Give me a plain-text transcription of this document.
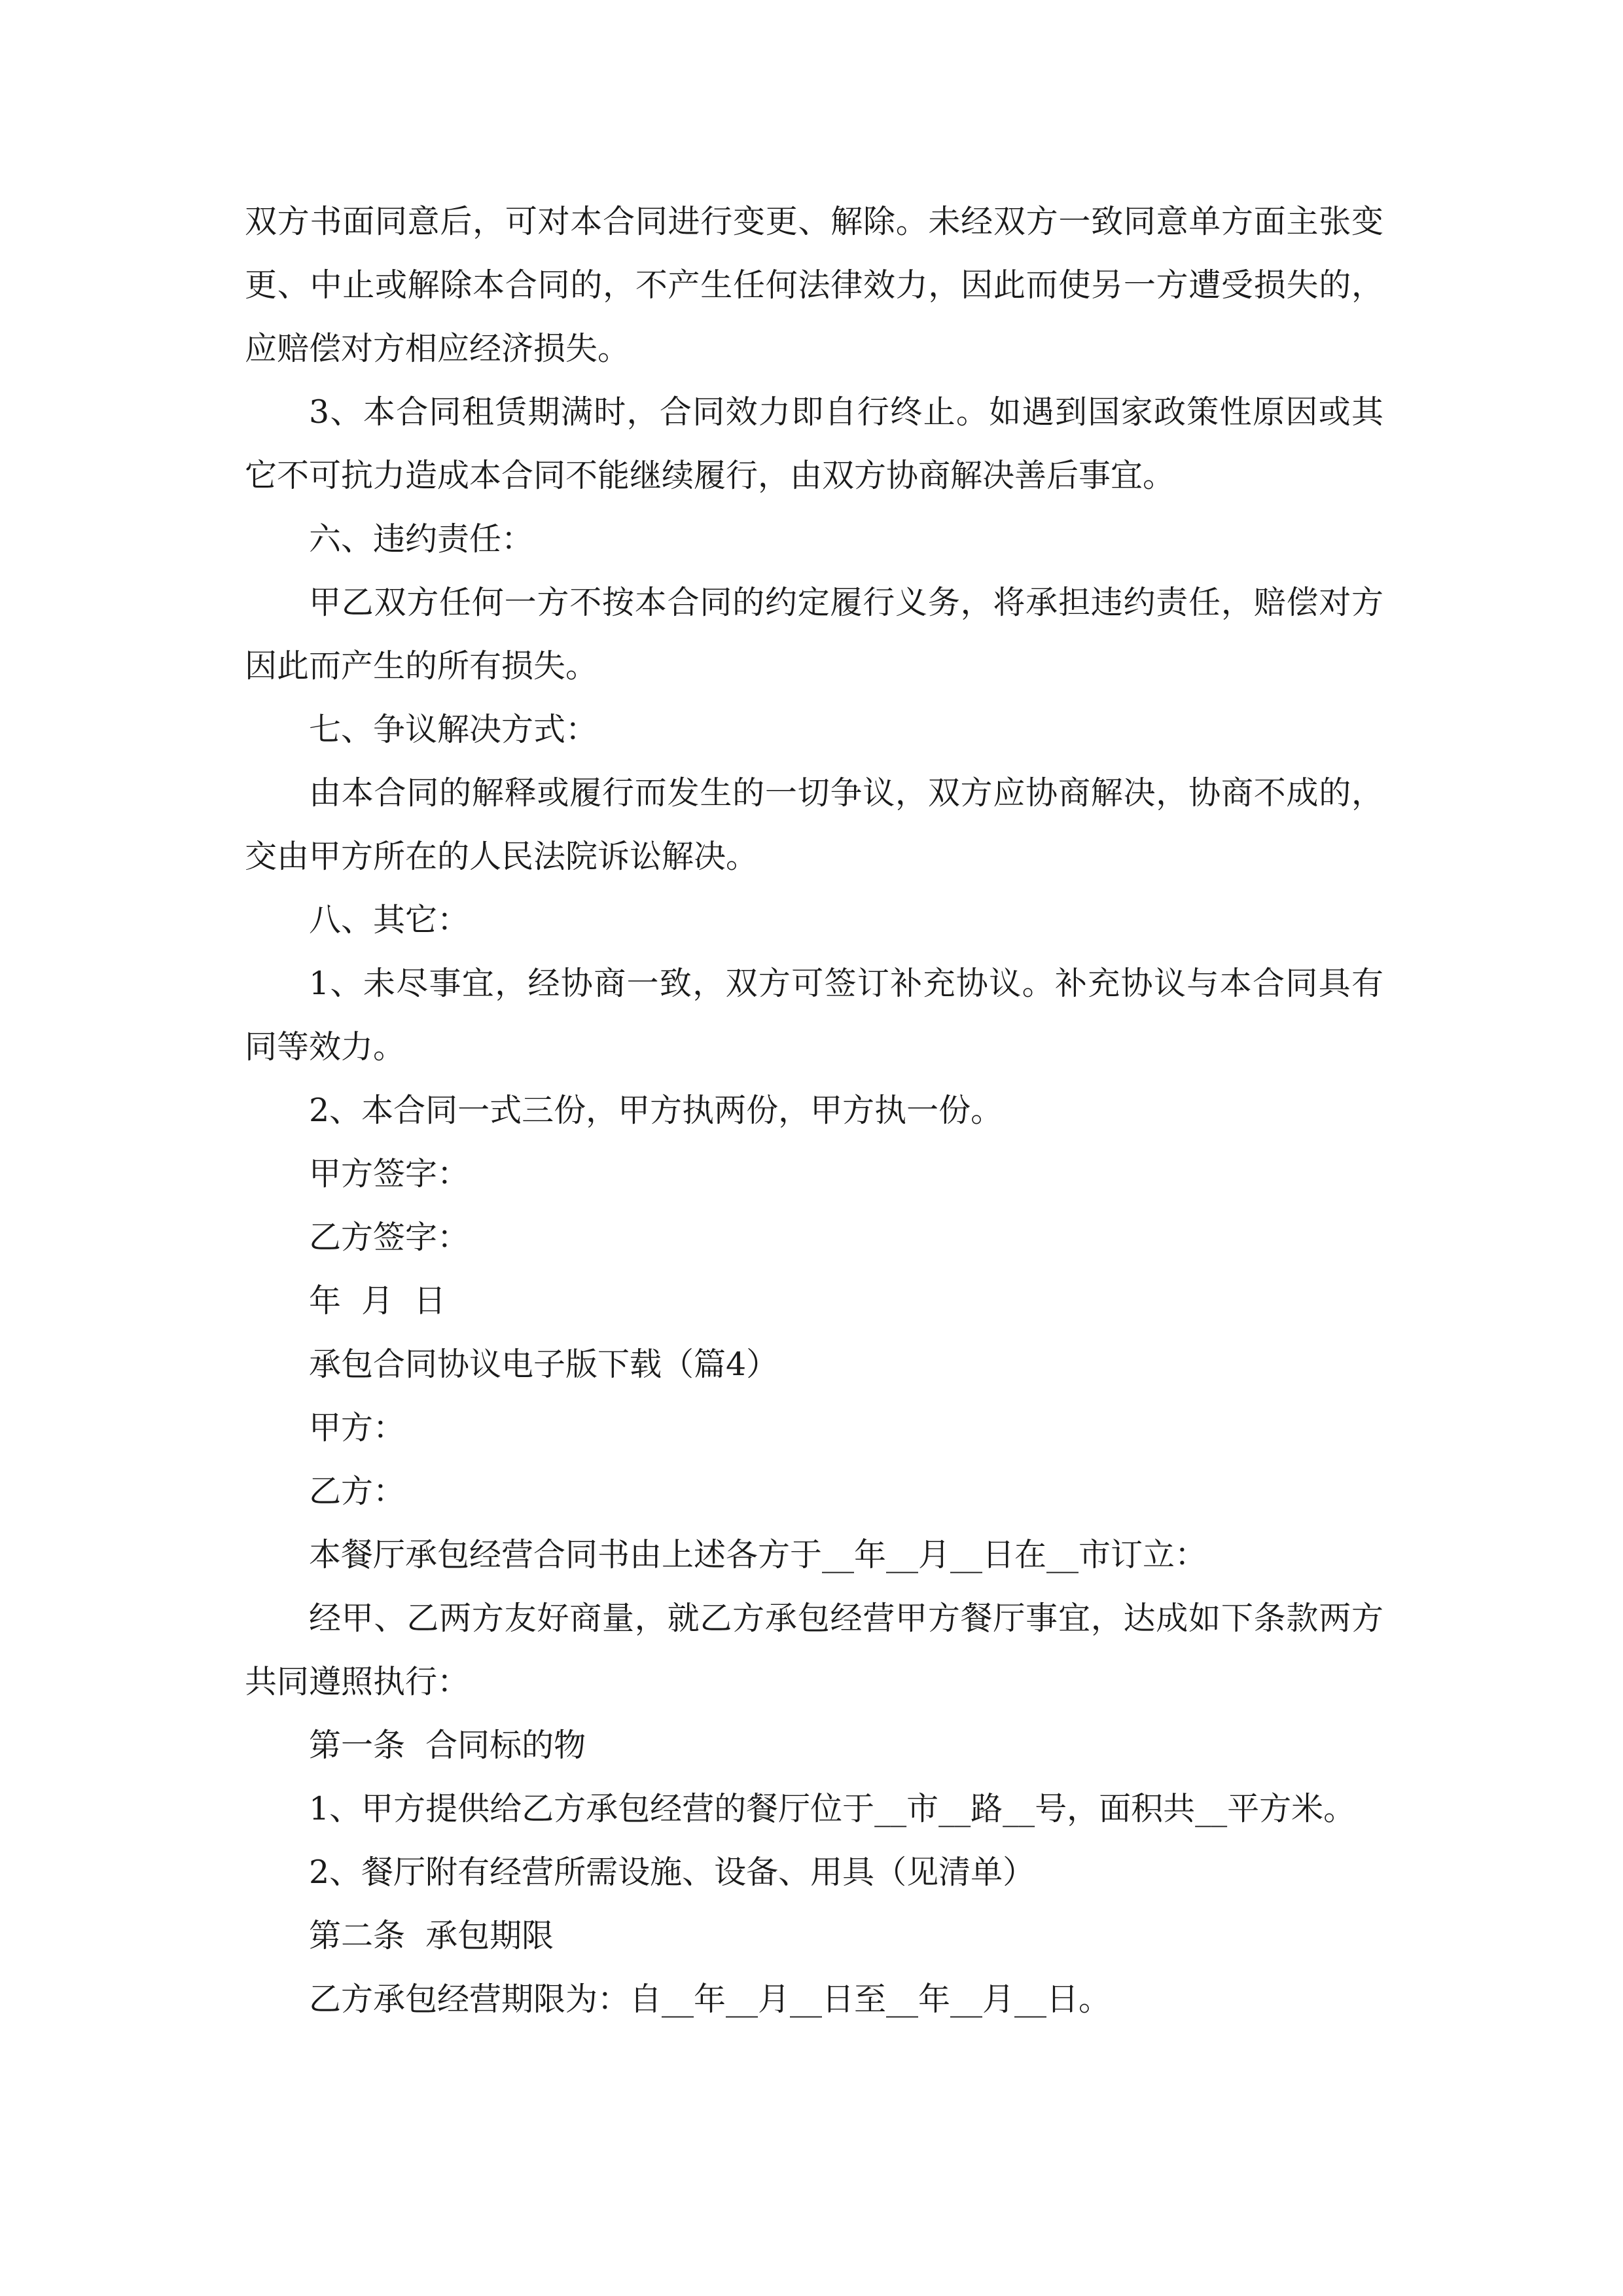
双方书面同意后，可对本合同进行变更、解除。未经双方一致同意单方面主张变更、中止或解除本合同的，不产生任何法律效力，因此而使另一方遭受损失的，应赔偿对方相应经济损失。

3、本合同租赁期满时，合同效力即自行终止。如遇到国家政策性原因或其它不可抗力造成本合同不能继续履行，由双方协商解决善后事宜。

六、违约责任：

甲乙双方任何一方不按本合同的约定履行义务，将承担违约责任，赔偿对方因此而产生的所有损失。

七、争议解决方式：

由本合同的解释或履行而发生的一切争议，双方应协商解决，协商不成的，交由甲方所在的人民法院诉讼解决。

八、其它：

1、未尽事宜，经协商一致，双方可签订补充协议。补充协议与本合同具有同等效力。

2、本合同一式三份，甲方执两份，甲方执一份。

甲方签字：

乙方签字：

年  月  日

承包合同协议电子版下载（篇4）

甲方：

乙方：

本餐厅承包经营合同书由上述各方于__年__月__日在__市订立：

经甲、乙两方友好商量，就乙方承包经营甲方餐厅事宜，达成如下条款两方共同遵照执行：

第一条  合同标的物

1、甲方提供给乙方承包经营的餐厅位于__市__路__号，面积共__平方米。

2、餐厅附有经营所需设施、设备、用具（见清单）

第二条  承包期限

乙方承包经营期限为：自__年__月__日至__年__月__日。
